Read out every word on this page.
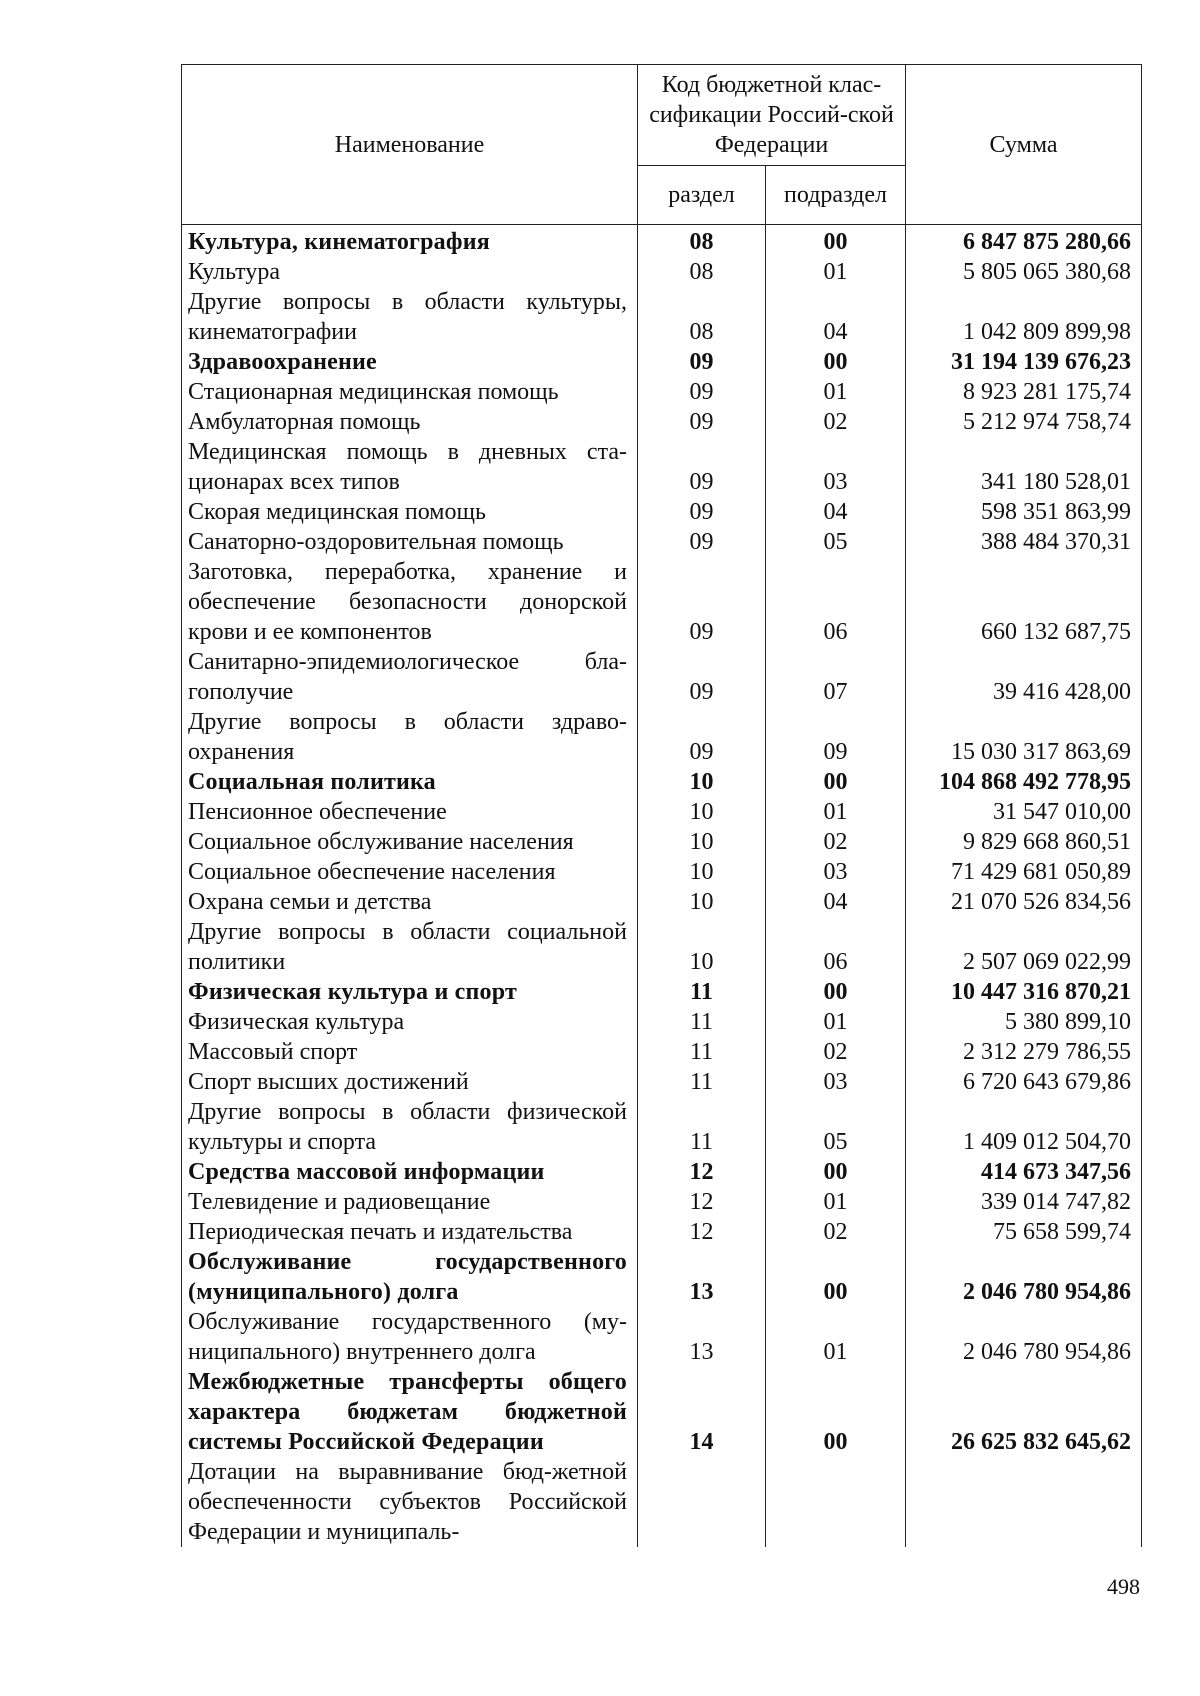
Наименование	Код бюджетной клас-сификации Россий-ской Федерации		Сумма
	раздел	подраздел	
Культура, кинематография	08	00	6 847 875 280,66
Культура	08	01	5 805 065 380,68
Другие вопросы в области культуры, кинематографии	08	04	1 042 809 899,98
Здравоохранение	09	00	31 194 139 676,23
Стационарная медицинская помощь	09	01	8 923 281 175,74
Амбулаторная помощь	09	02	5 212 974 758,74
Медицинская помощь в дневных ста-ционарах всех типов	09	03	341 180 528,01
Скорая медицинская помощь	09	04	598 351 863,99
Санаторно-оздоровительная помощь	09	05	388 484 370,31
Заготовка, переработка, хранение и обеспечение безопасности донорской крови и ее компонентов	09	06	660 132 687,75
Санитарно-эпидемиологическое бла-гополучие	09	07	39 416 428,00
Другие вопросы в области здраво-охранения	09	09	15 030 317 863,69
Социальная политика	10	00	104 868 492 778,95
Пенсионное обеспечение	10	01	31 547 010,00
Социальное обслуживание населения	10	02	9 829 668 860,51
Социальное обеспечение населения	10	03	71 429 681 050,89
Охрана семьи и детства	10	04	21 070 526 834,56
Другие вопросы в области социальной политики	10	06	2 507 069 022,99
Физическая культура и спорт	11	00	10 447 316 870,21
Физическая культура	11	01	5 380 899,10
Массовый спорт	11	02	2 312 279 786,55
Спорт высших достижений	11	03	6 720 643 679,86
Другие вопросы в области физической культуры и спорта	11	05	1 409 012 504,70
Средства массовой информации	12	00	414 673 347,56
Телевидение и радиовещание	12	01	339 014 747,82
Периодическая печать и издательства	12	02	75 658 599,74
Обслуживание государственного (муниципального) долга	13	00	2 046 780 954,86
Обслуживание государственного (му-ниципального) внутреннего долга	13	01	2 046 780 954,86
Межбюджетные трансферты общего характера бюджетам бюджетной системы Российской Федерации	14	00	26 625 832 645,62
Дотации на выравнивание бюд-жетной обеспеченности субъектов Российской Федерации и муниципаль-			
498
